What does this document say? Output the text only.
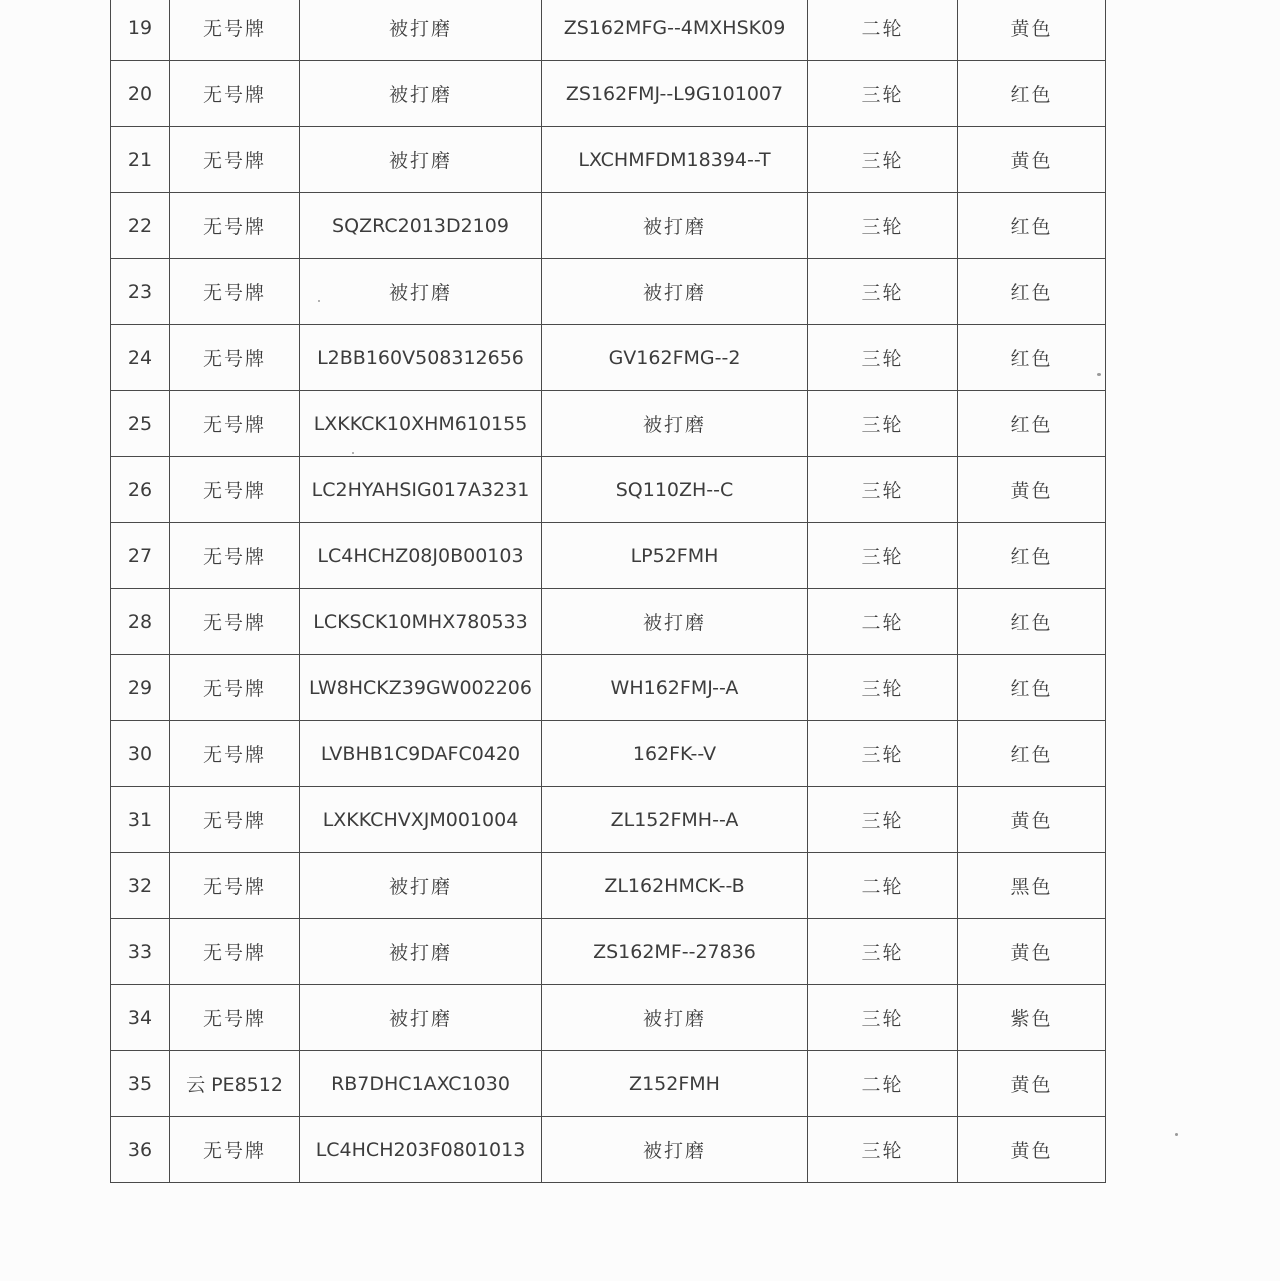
19	无号牌	被打磨	ZS162MFG--4MXHSK09	二轮	黄色
20	无号牌	被打磨	ZS162FMJ--L9G101007	三轮	红色
21	无号牌	被打磨	LXCHMFDM18394--T	三轮	黄色
22	无号牌	SQZRC2013D2109	被打磨	三轮	红色
23	无号牌	被打磨	被打磨	三轮	红色
24	无号牌	L2BB160V508312656	GV162FMG--2	三轮	红色
25	无号牌	LXKKCK10XHM610155	被打磨	三轮	红色
26	无号牌	LC2HYAHSIG017A3231	SQ110ZH--C	三轮	黄色
27	无号牌	LC4HCHZ08J0B00103	LP52FMH	三轮	红色
28	无号牌	LCKSCK10MHX780533	被打磨	二轮	红色
29	无号牌	LW8HCKZ39GW002206	WH162FMJ--A	三轮	红色
30	无号牌	LVBHB1C9DAFC0420	162FK--V	三轮	红色
31	无号牌	LXKKCHVXJM001004	ZL152FMH--A	三轮	黄色
32	无号牌	被打磨	ZL162HMCK--B	二轮	黑色
33	无号牌	被打磨	ZS162MF--27836	三轮	黄色
34	无号牌	被打磨	被打磨	三轮	紫色
35	云 PE8512	RB7DHC1AXC1030	Z152FMH	二轮	黄色
36	无号牌	LC4HCH203F0801013	被打磨	三轮	黄色
